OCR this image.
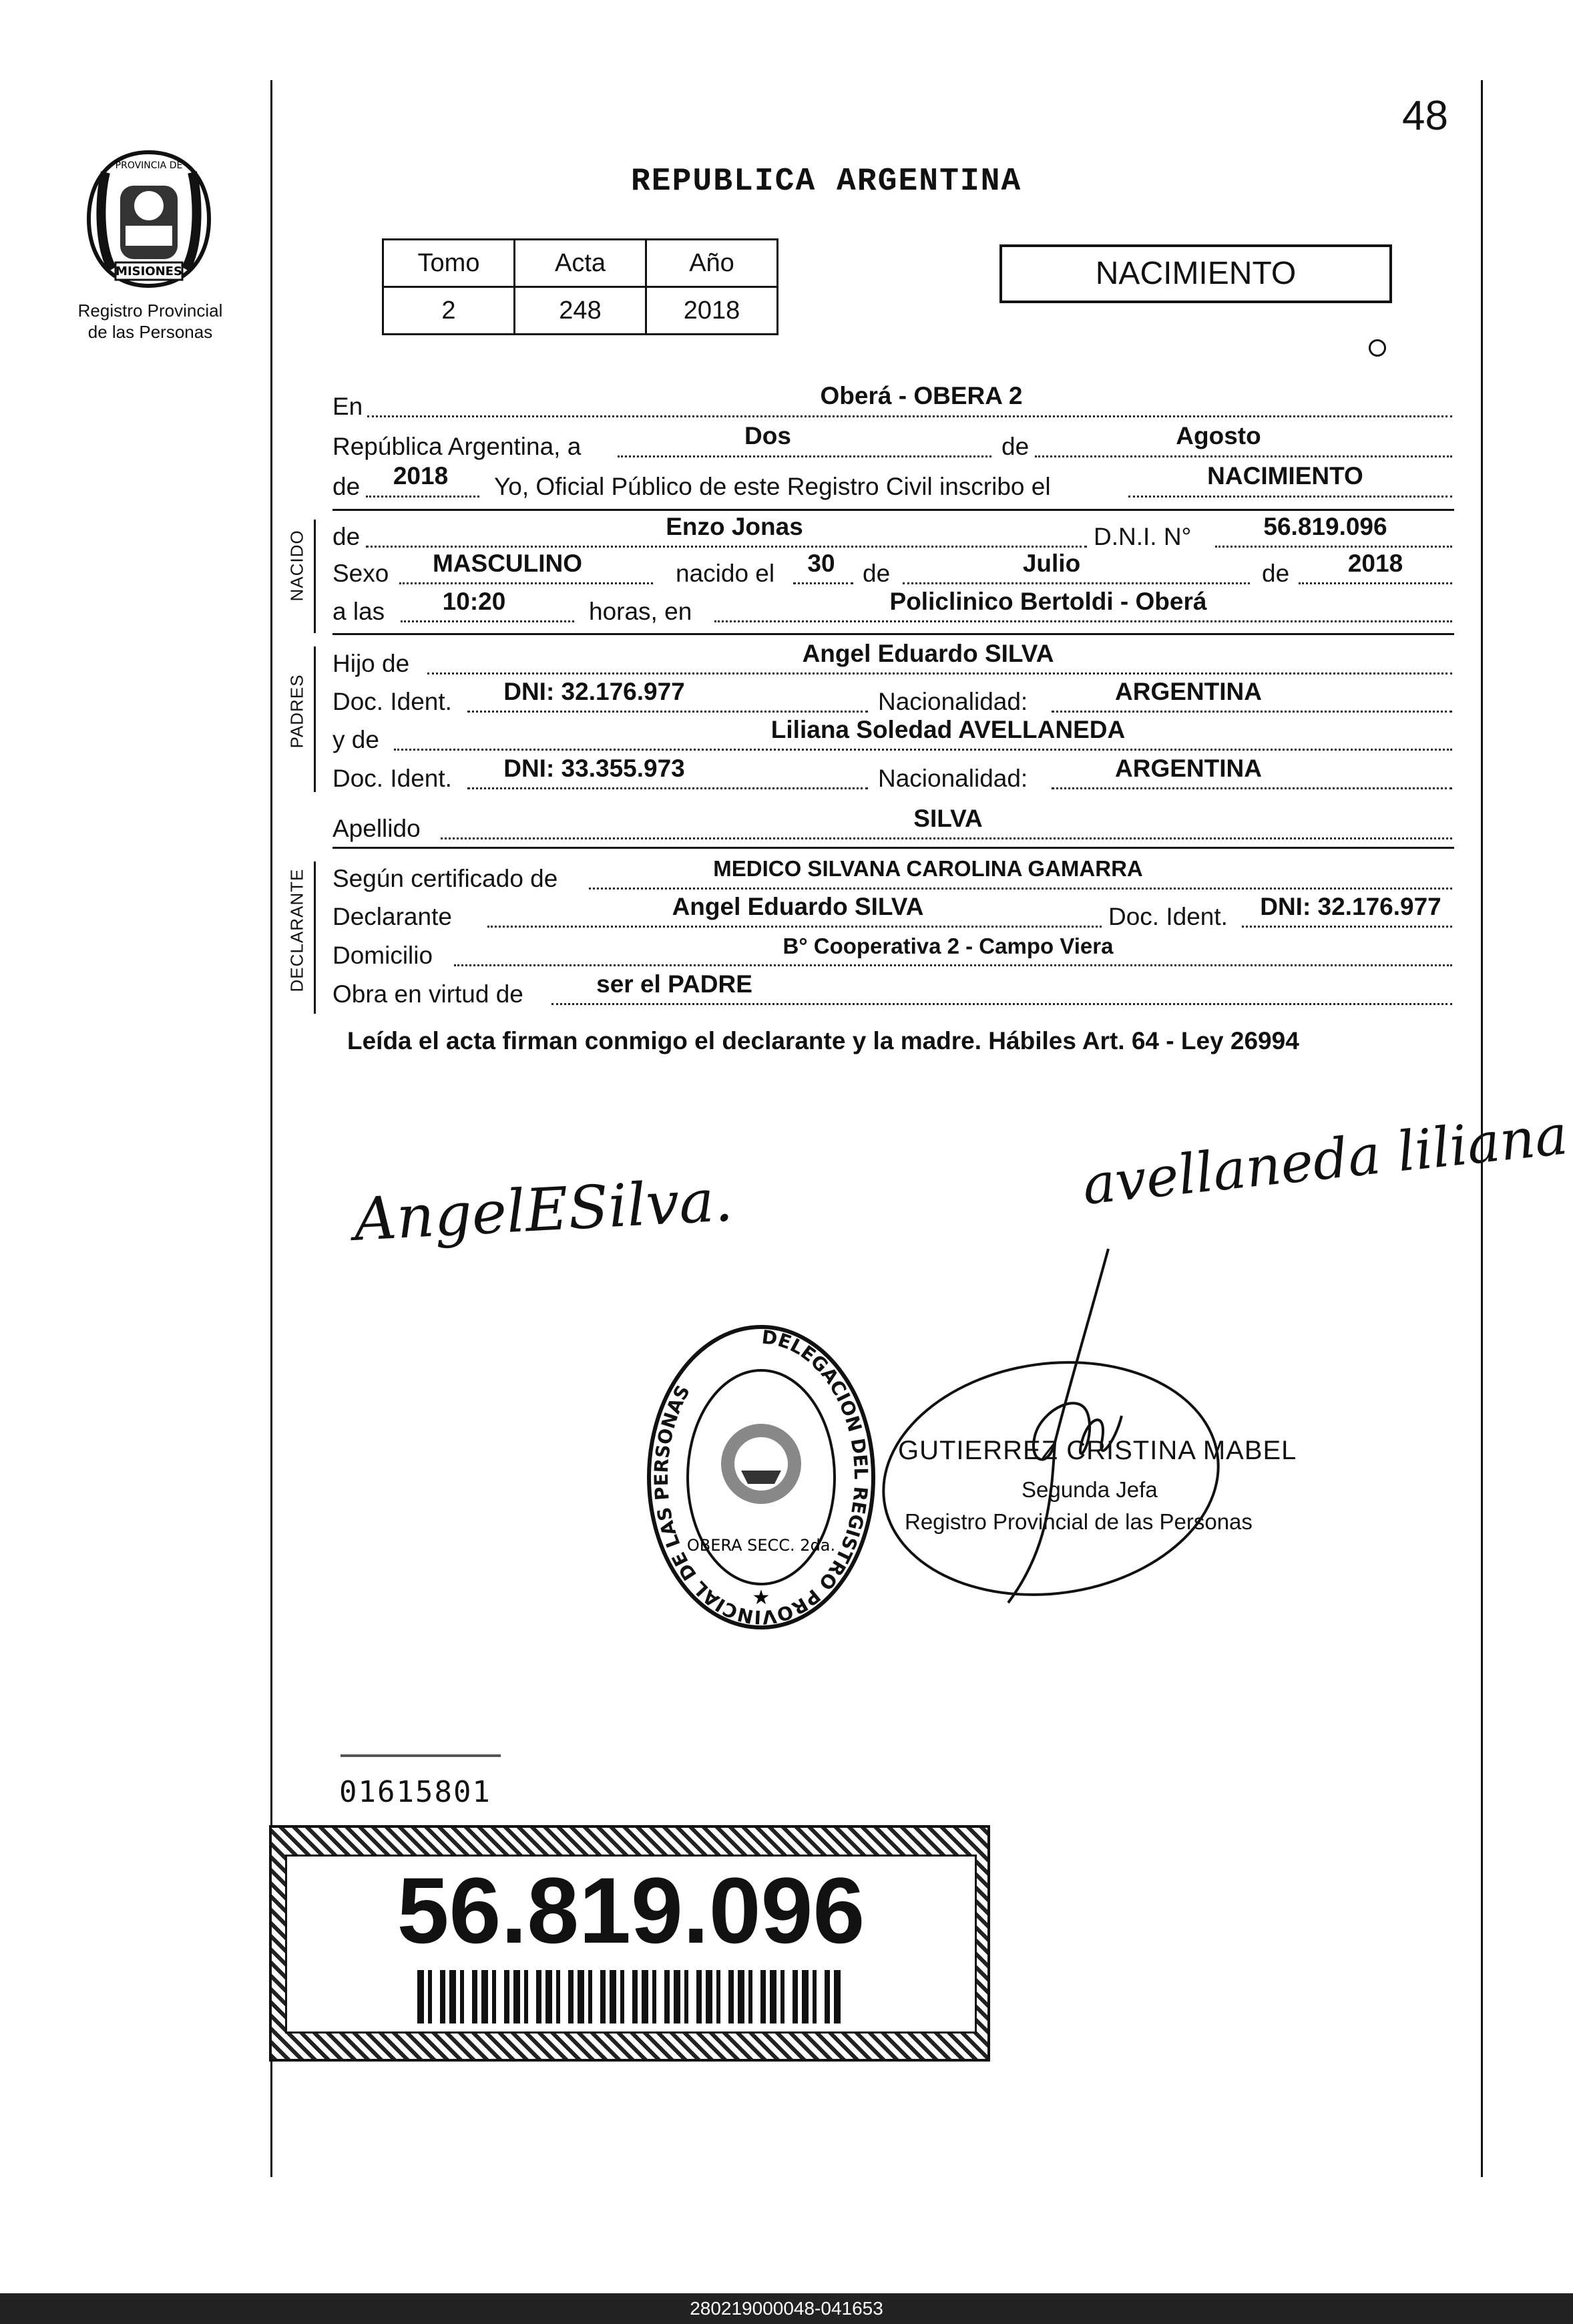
48
MISIONES
PROVINCIA DE
Registro Provincial
de las Personas
REPUBLICA ARGENTINA
Tomo	Acta	Año
2	248	2018
NACIMIENTO
En	Oberá - OBERA 2
República Argentina, a	Dos	de	Agosto
de	2018	Yo, Oficial Público de este Registro Civil inscribo el	NACIMIENTO
NACIDO de	Enzo Jonas	D.N.I. N°	56.819.096
Sexo	MASCULINO	nacido el	30	de	Julio	de	2018
a las	10:20	horas, en	Policlinico Bertoldi - Oberá
PADRES
Hijo de	Angel Eduardo SILVA
Doc. Ident.	DNI: 32.176.977	Nacionalidad:	ARGENTINA
y de	Liliana Soledad AVELLANEDA
Doc. Ident.	DNI: 33.355.973	Nacionalidad:	ARGENTINA
Apellido	SILVA
DECLARANTE Según certificado de	MEDICO SILVANA CAROLINA GAMARRA
Declarante	Angel Eduardo SILVA	Doc. Ident.	DNI: 32.176.977
Domicilio	B° Cooperativa 2 - Campo Viera
Obra en virtud de	ser el PADRE
Leída el acta firman conmigo el declarante y la madre. Hábiles Art. 64 - Ley 26994
AngelESilva.	avellaneda liliana
DELEGACION DEL REGISTRO PROVINCIAL DE LAS PERSONAS
OBERA SECC. 2da.
★
GUTIERREZ CRISTINA MABEL
Segunda Jefa
Registro Provincial de las Personas
01615801
56.819.096
280219000048-041653
